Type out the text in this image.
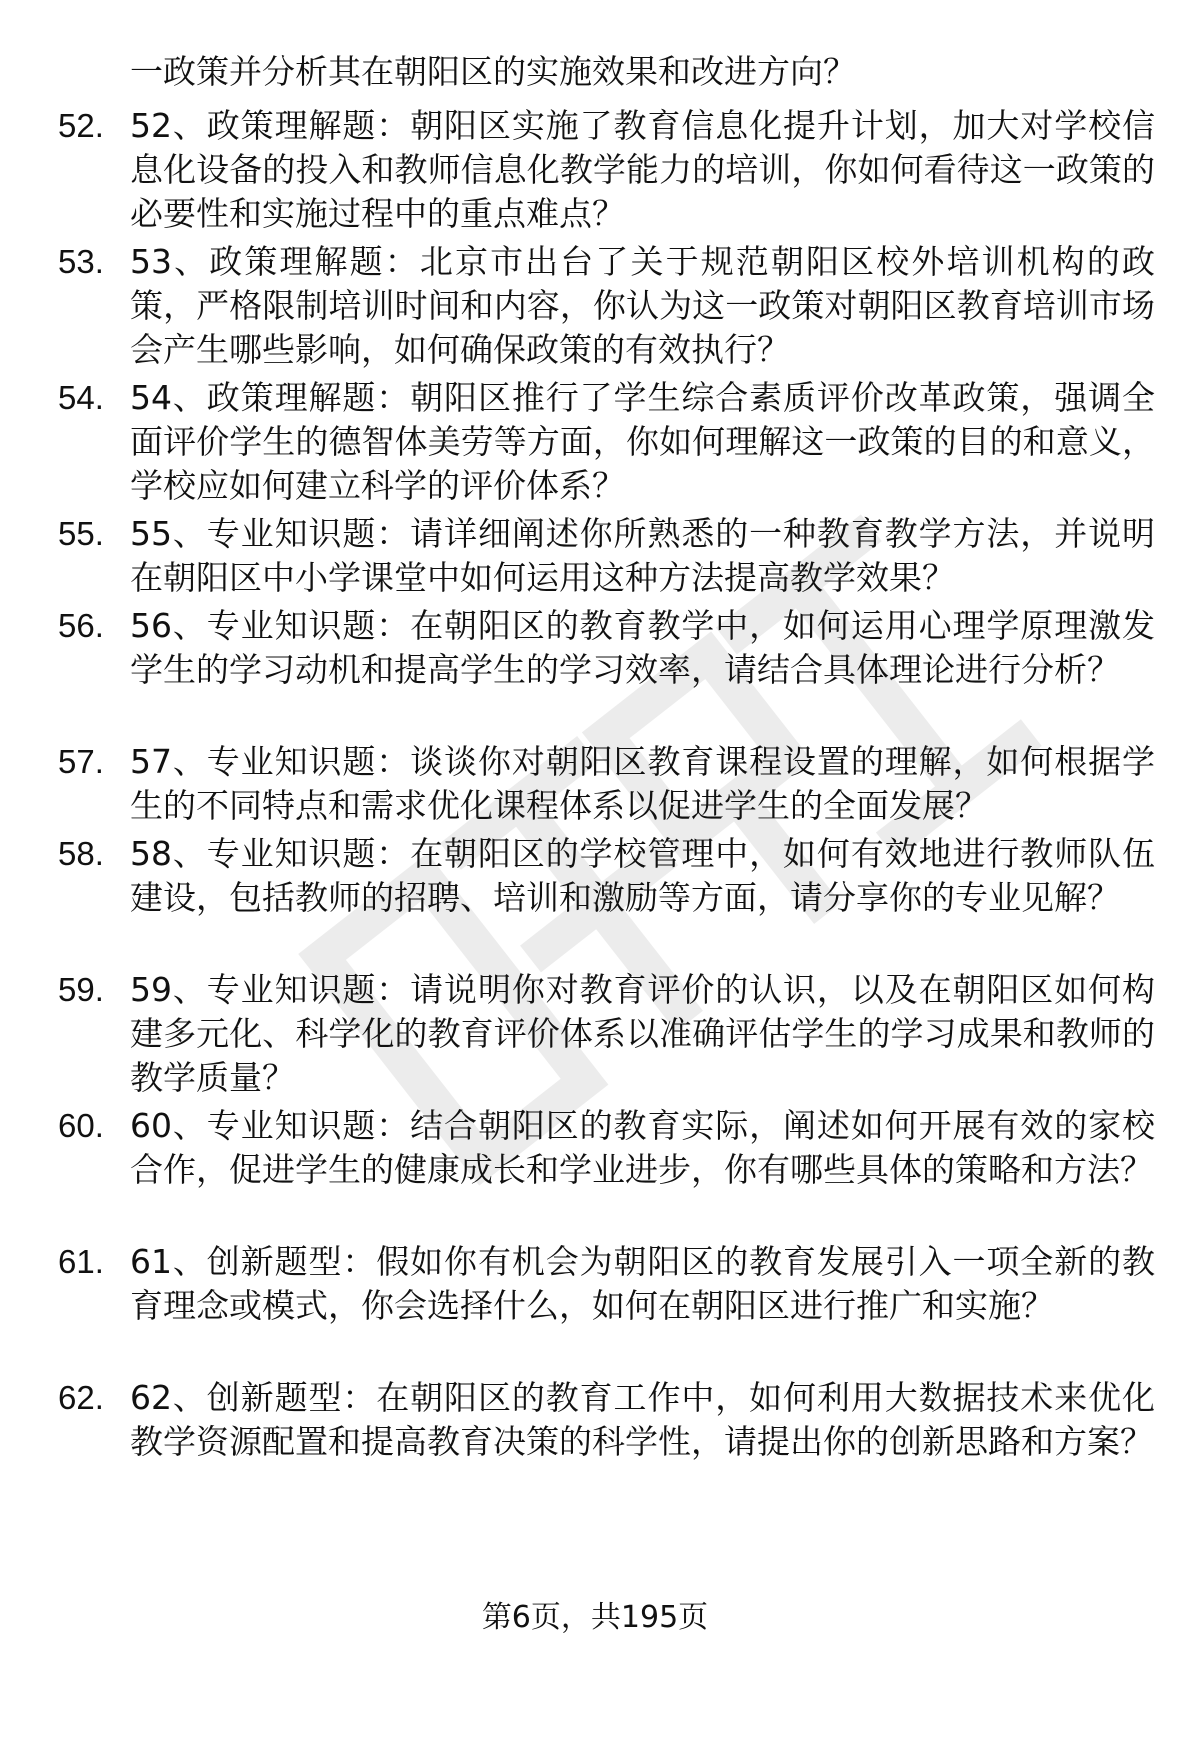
一政策并分析其在朝阳区的实施效果和改进方向？
52. 52、政策理解题：朝阳区实施了教育信息化提升计划，加大对学校信息化设备的投入和教师信息化教学能力的培训，你如何看待这一政策的必要性和实施过程中的重点难点？
53. 53、政策理解题：北京市出台了关于规范朝阳区校外培训机构的政策，严格限制培训时间和内容，你认为这一政策对朝阳区教育培训市场会产生哪些影响，如何确保政策的有效执行？
54. 54、政策理解题：朝阳区推行了学生综合素质评价改革政策，强调全面评价学生的德智体美劳等方面，你如何理解这一政策的目的和意义，学校应如何建立科学的评价体系？
55. 55、专业知识题：请详细阐述你所熟悉的一种教育教学方法，并说明在朝阳区中小学课堂中如何运用这种方法提高教学效果？
56. 56、专业知识题：在朝阳区的教育教学中，如何运用心理学原理激发学生的学习动机和提高学生的学习效率，请结合具体理论进行分析？
57. 57、专业知识题：谈谈你对朝阳区教育课程设置的理解，如何根据学生的不同特点和需求优化课程体系以促进学生的全面发展？
58. 58、专业知识题：在朝阳区的学校管理中，如何有效地进行教师队伍建设，包括教师的招聘、培训和激励等方面，请分享你的专业见解？
59. 59、专业知识题：请说明你对教育评价的认识，以及在朝阳区如何构建多元化、科学化的教育评价体系以准确评估学生的学习成果和教师的教学质量？
60. 60、专业知识题：结合朝阳区的教育实际，阐述如何开展有效的家校合作，促进学生的健康成长和学业进步，你有哪些具体的策略和方法？
61. 61、创新题型：假如你有机会为朝阳区的教育发展引入一项全新的教育理念或模式，你会选择什么，如何在朝阳区进行推广和实施？
62. 62、创新题型：在朝阳区的教育工作中，如何利用大数据技术来优化教学资源配置和提高教育决策的科学性，请提出你的创新思路和方案？
第6页，共195页
